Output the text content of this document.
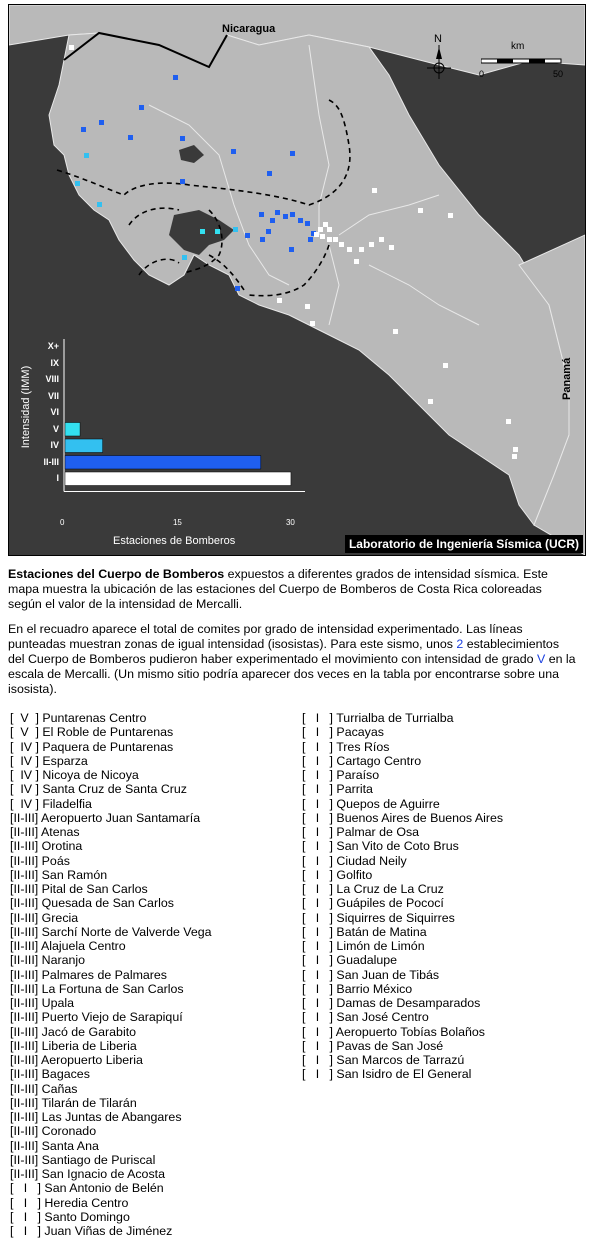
Nicaragua
Panamá
N
km
0	50
X+
IX
VIII
VII
VI
V
IV
II-III
I
0	15	30
Intensidad (IMM)
Estaciones de Bomberos	Laboratorio de Ingeniería Sísmica (UCR)

Estaciones del Cuerpo de Bomberos expuestos a diferentes grados de intensidad sísmica. Este mapa muestra la ubicación de las estaciones del Cuerpo de Bomberos de Costa Rica coloreadas según el valor de la intensidad de Mercalli.

En el recuadro aparece el total de comites por grado de intensidad experimentado. Las líneas punteadas muestran zonas de igual intensidad (isosistas). Para este sismo, unos 2 establecimientos del Cuerpo de Bomberos pudieron haber experimentado el movimiento con intensidad de grado V en la escala de Mercalli. (Un mismo sitio podría aparecer dos veces en la tabla por encontrarse sobre una isosista).

[  V  ] Puntarenas Centro
[  V  ] El Roble de Puntarenas
[  IV ] Paquera de Puntarenas
[  IV ] Esparza
[  IV ] Nicoya de Nicoya
[  IV ] Santa Cruz de Santa Cruz
[  IV ] Filadelfia
[II-III] Aeropuerto Juan Santamaría
[II-III] Atenas
[II-III] Orotina
[II-III] Poás
[II-III] San Ramón
[II-III] Pital de San Carlos
[II-III] Quesada de San Carlos
[II-III] Grecia
[II-III] Sarchí Norte de Valverde Vega
[II-III] Alajuela Centro
[II-III] Naranjo
[II-III] Palmares de Palmares
[II-III] La Fortuna de San Carlos
[II-III] Upala
[II-III] Puerto Viejo de Sarapiquí
[II-III] Jacó de Garabito
[II-III] Liberia de Liberia
[II-III] Aeropuerto Liberia
[II-III] Bagaces
[II-III] Cañas
[II-III] Tilarán de Tilarán
[II-III] Las Juntas de Abangares
[II-III] Coronado
[II-III] Santa Ana
[II-III] Santiago de Puriscal
[II-III] San Ignacio de Acosta
[   I   ] San Antonio de Belén
[   I   ] Heredia Centro
[   I   ] Santo Domingo
[   I   ] Juan Viñas de Jiménez
[   I   ] Turrialba de Turrialba
[   I   ] Pacayas
[   I   ] Tres Ríos
[   I   ] Cartago Centro
[   I   ] Paraíso
[   I   ] Parrita
[   I   ] Quepos de Aguirre
[   I   ] Buenos Aires de Buenos Aires
[   I   ] Palmar de Osa
[   I   ] San Vito de Coto Brus
[   I   ] Ciudad Neily
[   I   ] Golfito
[   I   ] La Cruz de La Cruz
[   I   ] Guápiles de Pococí
[   I   ] Siquirres de Siquirres
[   I   ] Batán de Matina
[   I   ] Limón de Limón
[   I   ] Guadalupe
[   I   ] San Juan de Tibás
[   I   ] Barrio México
[   I   ] Damas de Desamparados
[   I   ] San José Centro
[   I   ] Aeropuerto Tobías Bolaños
[   I   ] Pavas de San José
[   I   ] San Marcos de Tarrazú
[   I   ] San Isidro de El General
